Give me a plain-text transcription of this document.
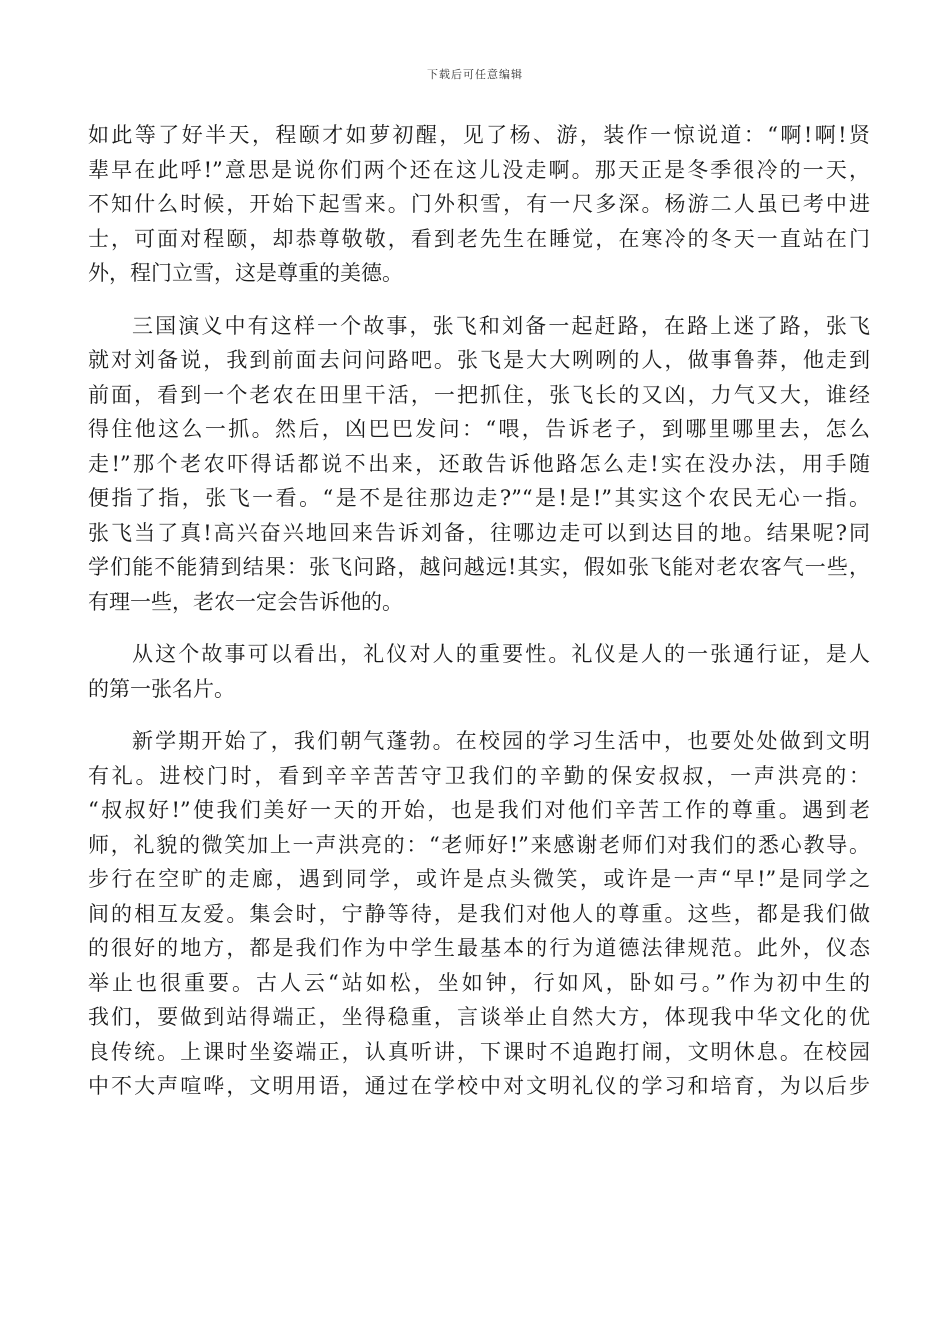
下载后可任意编辑
如此等了好半天，程颐才如萝初醒，见了杨、游，装作一惊说道：“啊!啊!贤
辈早在此呼!”意思是说你们两个还在这儿没走啊。那天正是冬季很冷的一天，
不知什么时候，开始下起雪来。门外积雪，有一尺多深。杨游二人虽已考中进
士，可面对程颐，却恭尊敬敬，看到老先生在睡觉，在寒冷的冬天一直站在门
外，程门立雪，这是尊重的美德。
三国演义中有这样一个故事，张飞和刘备一起赶路，在路上迷了路，张飞
就对刘备说，我到前面去问问路吧。张飞是大大咧咧的人，做事鲁莽，他走到
前面，看到一个老农在田里干活，一把抓住，张飞长的又凶，力气又大，谁经
得住他这么一抓。然后，凶巴巴发问：“喂，告诉老子，到哪里哪里去，怎么
走!”那个老农吓得话都说不出来，还敢告诉他路怎么走!实在没办法，用手随
便指了指，张飞一看。“是不是往那边走?”“是!是!”其实这个农民无心一指。
张飞当了真!高兴奋兴地回来告诉刘备，往哪边走可以到达目的地。结果呢?同
学们能不能猜到结果：张飞问路，越问越远!其实，假如张飞能对老农客气一些，
有理一些，老农一定会告诉他的。
从这个故事可以看出，礼仪对人的重要性。礼仪是人的一张通行证，是人
的第一张名片。
新学期开始了，我们朝气蓬勃。在校园的学习生活中，也要处处做到文明
有礼。进校门时，看到辛辛苦苦守卫我们的辛勤的保安叔叔，一声洪亮的：
“叔叔好!”使我们美好一天的开始，也是我们对他们辛苦工作的尊重。遇到老
师，礼貌的微笑加上一声洪亮的：“老师好!”来感谢老师们对我们的悉心教导。
步行在空旷的走廊，遇到同学，或许是点头微笑，或许是一声“早!”是同学之
间的相互友爱。集会时，宁静等待，是我们对他人的尊重。这些，都是我们做
的很好的地方，都是我们作为中学生最基本的行为道德法律规范。此外，仪态
举止也很重要。古人云“站如松，坐如钟，行如风，卧如弓。”作为初中生的
我们，要做到站得端正，坐得稳重，言谈举止自然大方，体现我中华文化的优
良传统。上课时坐姿端正，认真听讲，下课时不追跑打闹，文明休息。在校园
中不大声喧哗，文明用语，通过在学校中对文明礼仪的学习和培育，为以后步
